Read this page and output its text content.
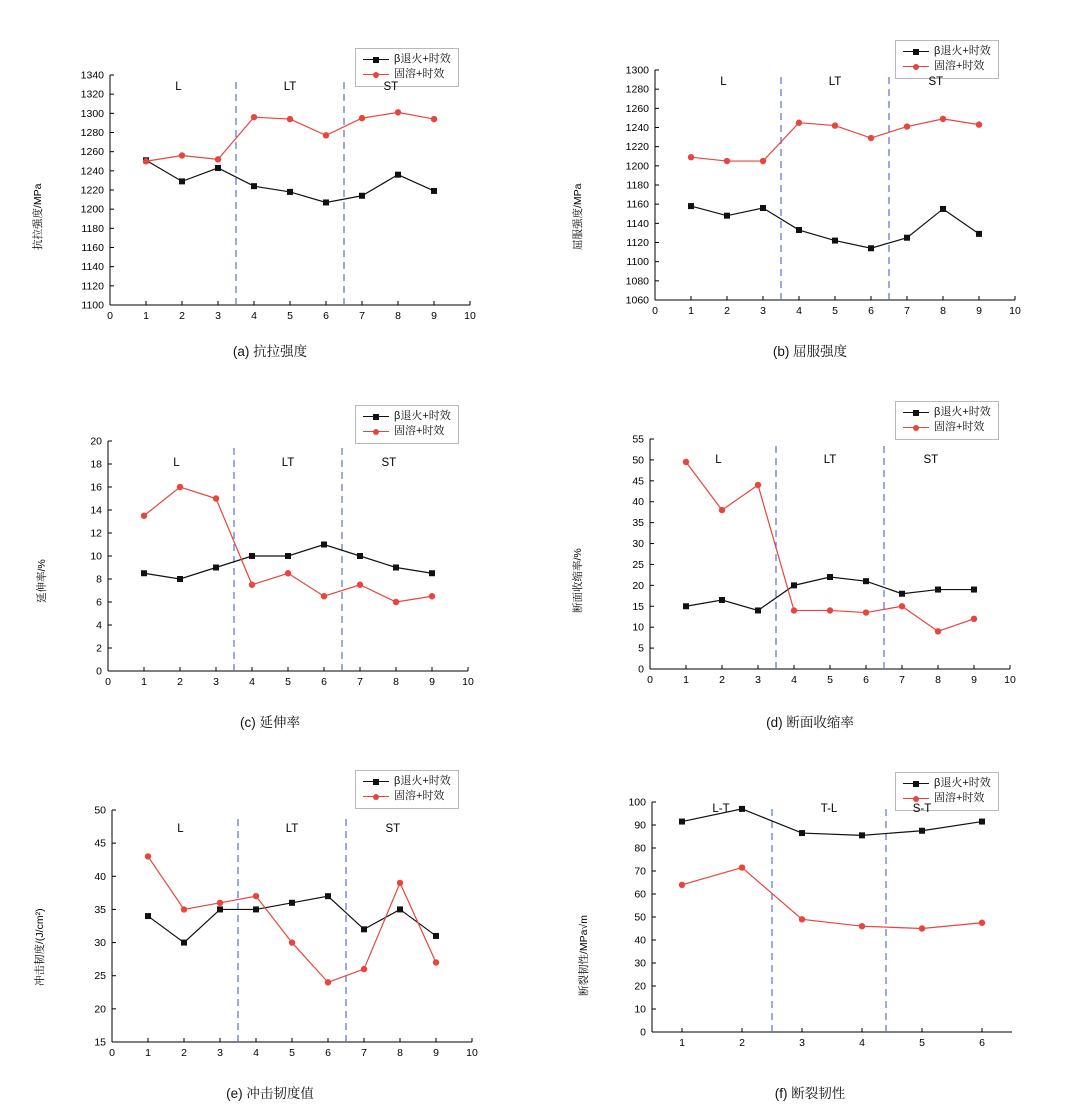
β退火+时效
固溶+时效
抗拉强度/MPa
0	1	2	3	4	5	6	7	8	9	10
1100
1120
1140
1160
1180
1200
1220
1240
1260
1280
1300
1320
1340
L	LT	ST
(a) 抗拉强度
β退火+时效
固溶+时效
屈服强度/MPa
0	1	2	3	4	5	6	7	8	9	10
1060
1080
1100
1120
1140
1160
1180
1200
1220
1240
1260
1280
1300
L	LT	ST
(b) 屈服强度
β退火+时效
固溶+时效
延伸率/%
0	1	2	3	4	5	6	7	8	9	10
0
2
4
6
8
10
12
14
16
18
20
L	LT	ST
(c) 延伸率
β退火+时效
固溶+时效
断面收缩率/%
0	1	2	3	4	5	6	7	8	9	10
0
5
10
15
20
25
30
35
40
45
50
55
L	LT	ST
(d) 断面收缩率
β退火+时效
固溶+时效
冲击韧度/(J/cm²)
0	1	2	3	4	5	6	7	8	9	10
15
20
25
30
35
40
45
50
L	LT	ST
(e) 冲击韧度值
β退火+时效
固溶+时效
断裂韧性/MPa√m
1	2	3	4	5	6
0
10
20
30
40
50
60
70
80
90
100
L-T	T-L	S-T
(f) 断裂韧性
